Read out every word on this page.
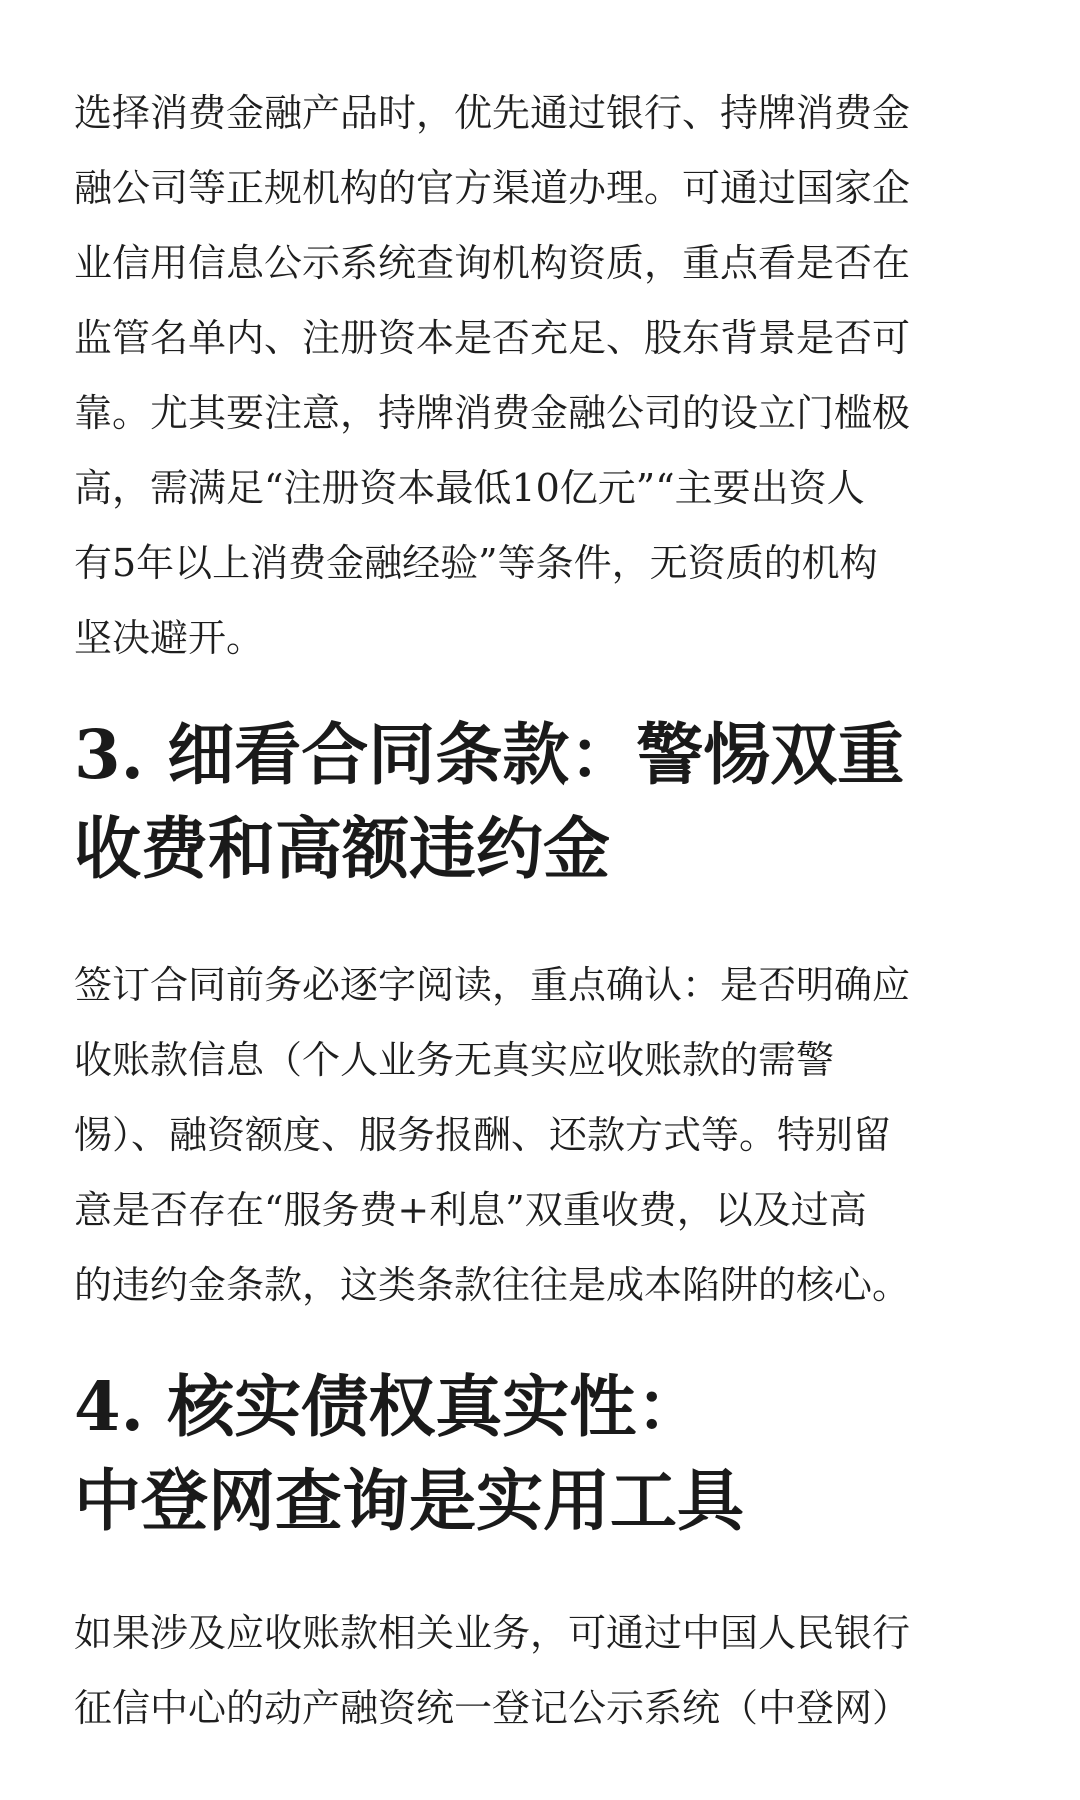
选择消费金融产品时，优先通过银行、持牌消费金
融公司等正规机构的官方渠道办理。可通过国家企
业信用信息公示系统查询机构资质，重点看是否在
监管名单内、注册资本是否充足、股东背景是否可
靠。尤其要注意，持牌消费金融公司的设立门槛极
高，需满足“注册资本最低10亿元”“主要出资人
有5年以上消费金融经验”等条件，无资质的机构
坚决避开。

3. 细看合同条款：警惕双重
收费和高额违约金

签订合同前务必逐字阅读，重点确认：是否明确应
收账款信息（个人业务无真实应收账款的需警
惕）、融资额度、服务报酬、还款方式等。特别留
意是否存在“服务费+利息”双重收费，以及过高
的违约金条款，这类条款往往是成本陷阱的核心。

4. 核实债权真实性：
中登网查询是实用工具

如果涉及应收账款相关业务，可通过中国人民银行
征信中心的动产融资统一登记公示系统（中登网）
